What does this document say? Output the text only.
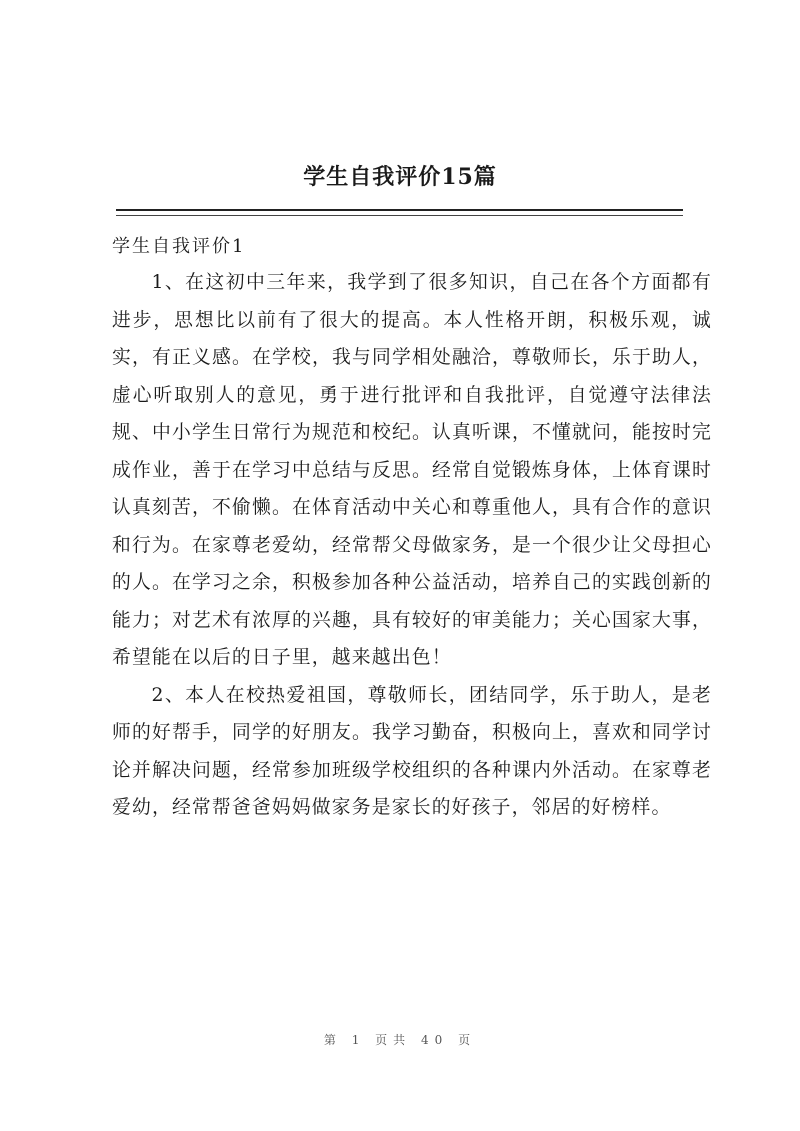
学生自我评价15篇
学生自我评价1

1、在这初中三年来，我学到了很多知识，自己在各个方面都有进步，思想比以前有了很大的提高。本人性格开朗，积极乐观，诚实，有正义感。在学校，我与同学相处融洽，尊敬师长，乐于助人，虚心听取别人的意见，勇于进行批评和自我批评，自觉遵守法律法规、中小学生日常行为规范和校纪。认真听课，不懂就问，能按时完成作业，善于在学习中总结与反思。经常自觉锻炼身体，上体育课时认真刻苦，不偷懒。在体育活动中关心和尊重他人，具有合作的意识和行为。在家尊老爱幼，经常帮父母做家务，是一个很少让父母担心的人。在学习之余，积极参加各种公益活动，培养自己的实践创新的能力；对艺术有浓厚的兴趣，具有较好的审美能力；关心国家大事，希望能在以后的日子里，越来越出色！

2、本人在校热爱祖国，尊敬师长，团结同学，乐于助人，是老师的好帮手，同学的好朋友。我学习勤奋，积极向上，喜欢和同学讨论并解决问题，经常参加班级学校组织的各种课内外活动。在家尊老爱幼，经常帮爸爸妈妈做家务是家长的好孩子，邻居的好榜样。

第 1 页共 40 页
